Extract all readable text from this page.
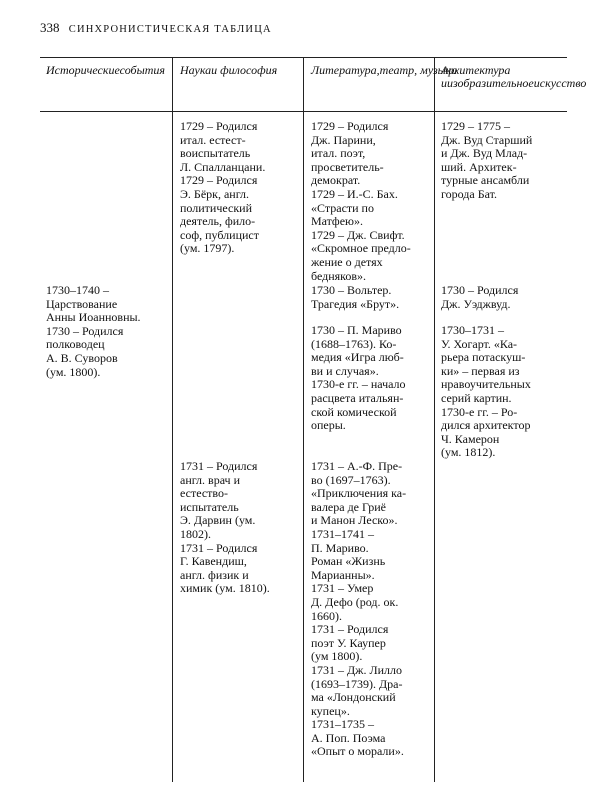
338 СИНХРОНИСТИЧЕСКАЯ ТАБЛИЦА
Историческиесобытия Наукаи философия	Литература,театр, музыка
Архитектура иизобразительноеискусство
1729 – Родился
итал. естест-
воиспытатель
Л. Спалланцани.
1729 – Родился
Э. Бёрк, англ.
политический
деятель, фило-
соф, публицист
(ум. 1797).
1729 – Родился
Дж. Парини,
итал. поэт,
просветитель-
демократ.
1729 – И.-С. Бах.
«Страсти по
Матфею».
1729 – Дж. Свифт.
«Скромное предло-
жение о детях
бедняков».
1729 – 1775 –
Дж. Вуд Старший
и Дж. Вуд Млад-
ший. Архитек-
турные ансамбли
города Бат.
1730–1740 –
Царствование
Анны Иоанновны.
1730 – Родился
полководец
А. В. Суворов
(ум. 1800).
1730 – Вольтер.
Трагедия «Брут».
1730 – Родился
Дж. Уэджвуд.
1730 – П. Мариво
(1688–1763). Ко-
медия «Игра люб-
ви и случая».
1730-е гг. – начало
расцвета итальян-
ской комической
оперы.
1730–1731 –
У. Хогарт. «Ка-
рьера потаскуш-
ки» – первая из
нравоучительных
серий картин.
1730-е гг. – Ро-
дился архитектор
Ч. Камерон
(ум. 1812).
1731 – Родился
англ. врач и
естество-
испытатель
Э. Дарвин (ум.
1802).
1731 – Родился
Г. Кавендиш,
англ. физик и
химик (ум. 1810).
1731 – А.-Ф. Пре-
во (1697–1763).
«Приключения ка-
валера де Гриё
и Манон Леско».
1731–1741 –
П. Мариво.
Роман «Жизнь
Марианны».
1731 – Умер
Д. Дефо (род. ок.
1660).
1731 – Родился
поэт У. Каупер
(ум 1800).
1731 – Дж. Лилло
(1693–1739). Дра-
ма «Лондонский
купец».
1731–1735 –
А. Поп. Поэма
«Опыт о морали».
